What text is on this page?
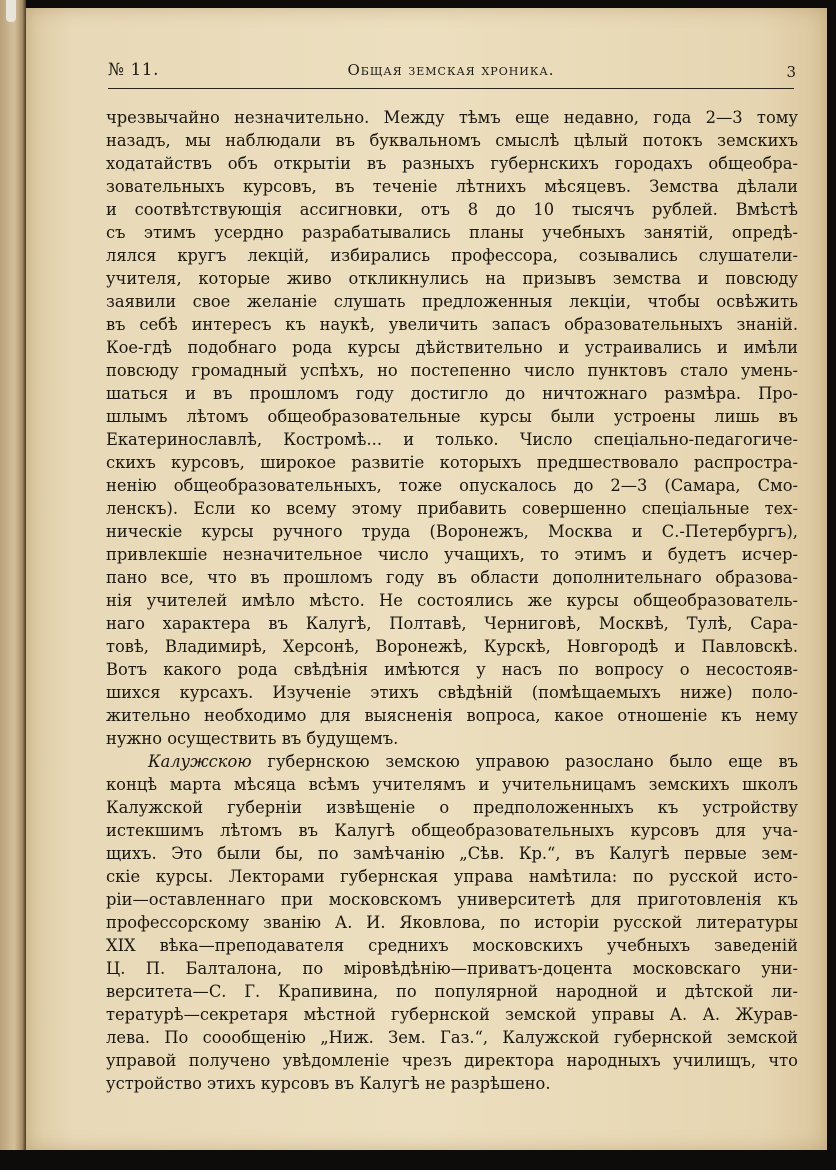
№ 11.	Общая земская хроника.	3
чрезвычайно незначительно. Между тѣмъ еще недавно, года 2—3 тому
назадъ, мы наблюдали въ буквальномъ смыслѣ цѣлый потокъ земскихъ
ходатайствъ объ открытіи въ разныхъ губернскихъ городахъ общеобра-
зовательныхъ курсовъ, въ теченіе лѣтнихъ мѣсяцевъ. Земства дѣлали
и соотвѣтствующія ассигновки, отъ 8 до 10 тысячъ рублей. Вмѣстѣ
съ этимъ усердно разрабатывались планы учебныхъ занятій, опредѣ-
лялся кругъ лекцій, избирались профессора, созывались слушатели-
учителя, которые живо откликнулись на призывъ земства и повсюду
заявили свое желаніе слушать предложенныя лекціи, чтобы освѣжить
въ себѣ интересъ къ наукѣ, увеличить запасъ образовательныхъ знаній.
Кое-гдѣ подобнаго рода курсы дѣйствительно и устраивались и имѣли
повсюду громадный успѣхъ, но постепенно число пунктовъ стало умень-
шаться и въ прошломъ году достигло до ничтожнаго размѣра. Про-
шлымъ лѣтомъ общеобразовательные курсы были устроены лишь въ
Екатеринославлѣ, Костромѣ... и только. Число спеціально-педагогиче-
скихъ курсовъ, широкое развитіе которыхъ предшествовало распростра-
ненію общеобразовательныхъ, тоже опускалось до 2—3 (Самара, Смо-
ленскъ). Если ко всему этому прибавить совершенно спеціальные тех-
ническіе курсы ручного труда (Воронежъ, Москва и С.-Петербургъ),
привлекшіе незначительное число учащихъ, то этимъ и будетъ исчер-
пано все, что въ прошломъ году въ области дополнительнаго образова-
нія учителей имѣло мѣсто. Не состоялись же курсы общеобразователь-
наго характера въ Калугѣ, Полтавѣ, Черниговѣ, Москвѣ, Тулѣ, Сара-
товѣ, Владимирѣ, Херсонѣ, Воронежѣ, Курскѣ, Новгородѣ и Павловскѣ.
Вотъ какого рода свѣдѣнія имѣются у насъ по вопросу о несостояв-
шихся курсахъ. Изученіе этихъ свѣдѣній (помѣщаемыхъ ниже) поло-
жительно необходимо для выясненія вопроса, какое отношеніе къ нему
нужно осуществить въ будущемъ.
Калужскою губернскою земскою управою разослано было еще въ
концѣ марта мѣсяца всѣмъ учителямъ и учительницамъ земскихъ школъ
Калужской губерніи извѣщеніе о предположенныхъ къ устройству
истекшимъ лѣтомъ въ Калугѣ общеобразовательныхъ курсовъ для уча-
щихъ. Это были бы, по замѣчанію „Сѣв. Кр.“, въ Калугѣ первые зем-
скіе курсы. Лекторами губернская управа намѣтила: по русской исто-
ріи—оставленнаго при московскомъ университетѣ для приготовленія къ
профессорскому званію А. И. Яковлова, по исторіи русской литературы
XIX вѣка—преподавателя среднихъ московскихъ учебныхъ заведеній
Ц. П. Балталона, по міровѣдѣнію—приватъ-доцента московскаго уни-
верситета—С. Г. Крапивина, по популярной народной и дѣтской ли-
тературѣ—секретаря мѣстной губернской земской управы А. А. Журав-
лева. По соообщенію „Ниж. Зем. Газ.“, Калужской губернской земской
управой получено увѣдомленіе чрезъ директора народныхъ училищъ, что
устройство этихъ курсовъ въ Калугѣ не разрѣшено.
